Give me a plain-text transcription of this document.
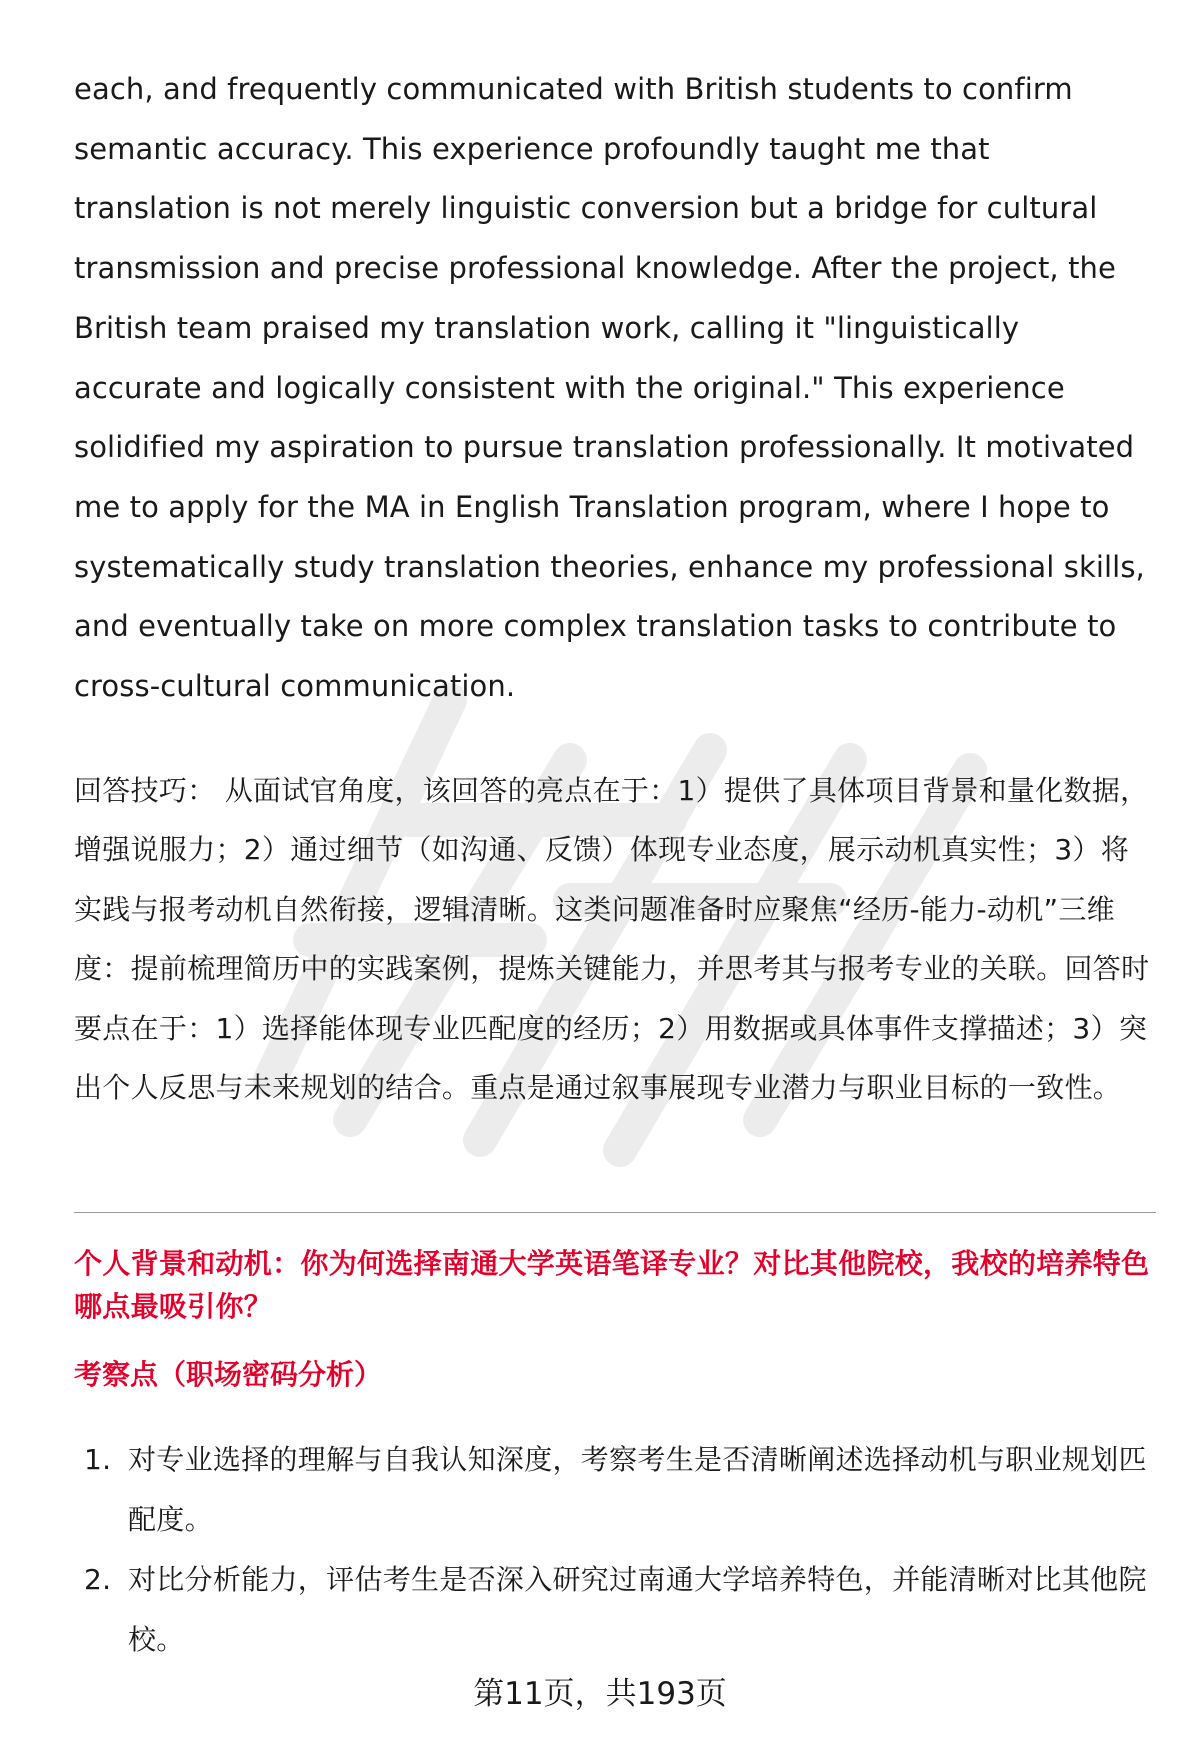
each, and frequently communicated with British students to confirm semantic accuracy. This experience profoundly taught me that translation is not merely linguistic conversion but a bridge for cultural transmission and precise professional knowledge. After the project, the British team praised my translation work, calling it "linguistically accurate and logically consistent with the original." This experience solidified my aspiration to pursue translation professionally. It motivated me to apply for the MA in English Translation program, where I hope to systematically study translation theories, enhance my professional skills, and eventually take on more complex translation tasks to contribute to cross-cultural communication.

回答技巧： 从面试官角度，该回答的亮点在于：1）提供了具体项目背景和量化数据，增强说服力；2）通过细节（如沟通、反馈）体现专业态度，展示动机真实性；3）将实践与报考动机自然衔接，逻辑清晰。这类问题准备时应聚焦“经历-能力-动机”三维度：提前梳理简历中的实践案例，提炼关键能力，并思考其与报考专业的关联。回答时要点在于：1）选择能体现专业匹配度的经历；2）用数据或具体事件支撑描述；3）突出个人反思与未来规划的结合。重点是通过叙事展现专业潜力与职业目标的一致性。
个人背景和动机：你为何选择南通大学英语笔译专业？对比其他院校，我校的培养特色哪点最吸引你？
考察点（职场密码分析）
1. 对专业选择的理解与自我认知深度，考察考生是否清晰阐述选择动机与职业规划匹配度。
2. 对比分析能力，评估考生是否深入研究过南通大学培养特色，并能清晰对比其他院校。
第11页，共193页
